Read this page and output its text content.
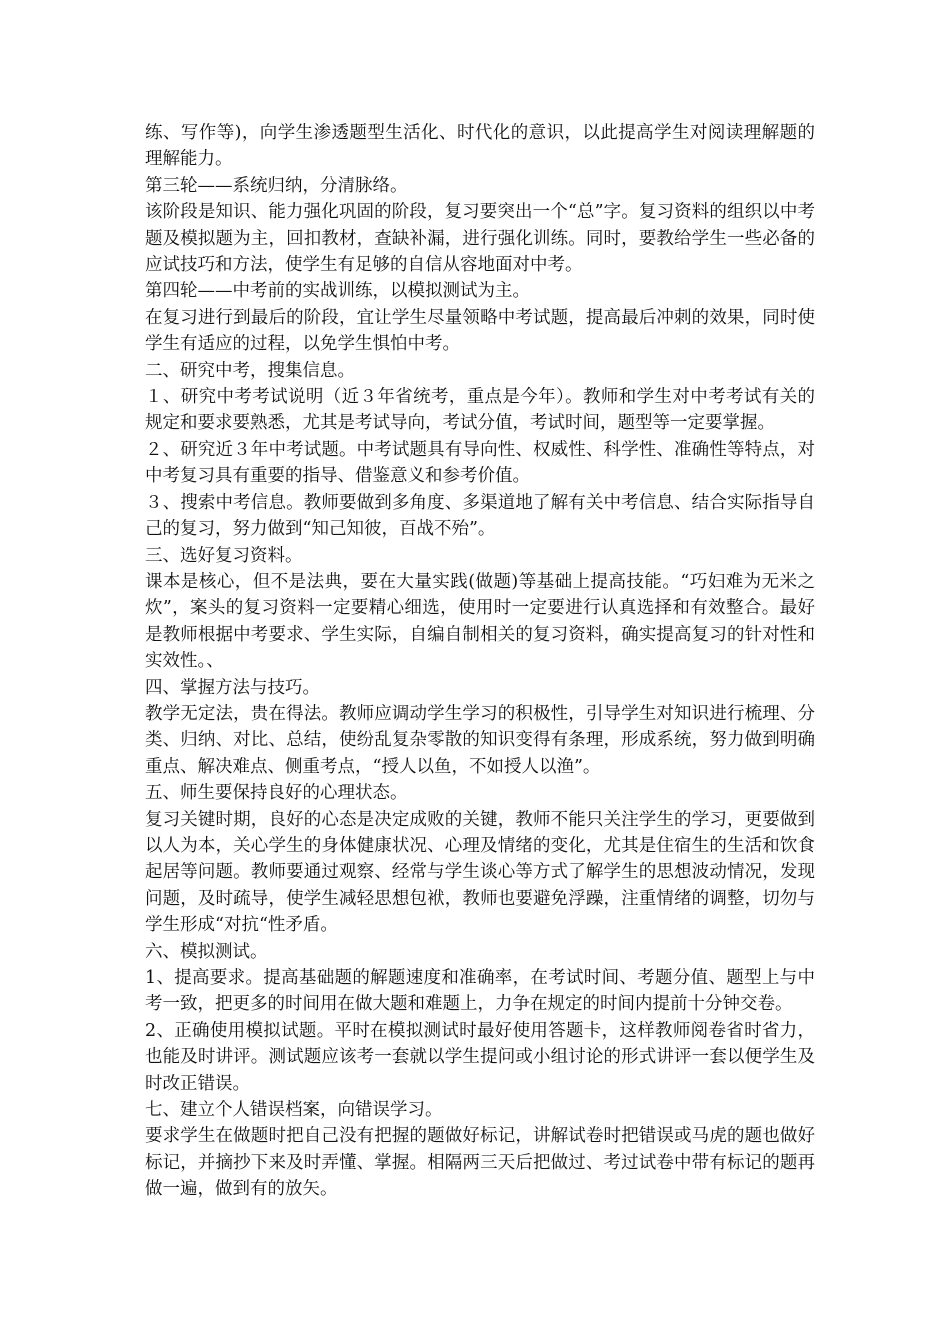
练、写作等)，向学生渗透题型生活化、时代化的意识，以此提高学生对阅读理解题的理解能力。

第三轮——系统归纳，分清脉络。

该阶段是知识、能力强化巩固的阶段，复习要突出一个“总”字。复习资料的组织以中考题及模拟题为主，回扣教材，查缺补漏，进行强化训练。同时，要教给学生一些必备的应试技巧和方法，使学生有足够的自信从容地面对中考。

第四轮——中考前的实战训练，以模拟测试为主。

在复习进行到最后的阶段，宜让学生尽量领略中考试题，提高最后冲刺的效果，同时使学生有适应的过程，以免学生惧怕中考。

二、研究中考，搜集信息。

１、研究中考考试说明（近３年省统考，重点是今年）。教师和学生对中考考试有关的规定和要求要熟悉，尤其是考试导向，考试分值，考试时间，题型等一定要掌握。

２、研究近３年中考试题。中考试题具有导向性、权威性、科学性、准确性等特点，对中考复习具有重要的指导、借鉴意义和参考价值。

３、搜索中考信息。教师要做到多角度、多渠道地了解有关中考信息、结合实际指导自己的复习，努力做到“知己知彼，百战不殆”。

三、选好复习资料。

课本是核心，但不是法典，要在大量实践(做题)等基础上提高技能。“巧妇难为无米之炊”，案头的复习资料一定要精心细选，使用时一定要进行认真选择和有效整合。最好是教师根据中考要求、学生实际，自编自制相关的复习资料，确实提高复习的针对性和实效性。、

四、掌握方法与技巧。

教学无定法，贵在得法。教师应调动学生学习的积极性，引导学生对知识进行梳理、分类、归纳、对比、总结，使纷乱复杂零散的知识变得有条理，形成系统，努力做到明确重点、解决难点、侧重考点，“授人以鱼，不如授人以渔”。

五、师生要保持良好的心理状态。

复习关键时期，良好的心态是决定成败的关键，教师不能只关注学生的学习，更要做到以人为本，关心学生的身体健康状况、心理及情绪的变化，尤其是住宿生的生活和饮食起居等问题。教师要通过观察、经常与学生谈心等方式了解学生的思想波动情况，发现问题，及时疏导，使学生减轻思想包袱，教师也要避免浮躁，注重情绪的调整，切勿与学生形成“对抗“性矛盾。

六、模拟测试。

1、提高要求。提高基础题的解题速度和准确率，在考试时间、考题分值、题型上与中考一致，把更多的时间用在做大题和难题上，力争在规定的时间内提前十分钟交卷。

2、正确使用模拟试题。平时在模拟测试时最好使用答题卡，这样教师阅卷省时省力，也能及时讲评。测试题应该考一套就以学生提问或小组讨论的形式讲评一套以便学生及时改正错误。

七、建立个人错误档案，向错误学习。

要求学生在做题时把自己没有把握的题做好标记，讲解试卷时把错误或马虎的题也做好标记，并摘抄下来及时弄懂、掌握。相隔两三天后把做过、考过试卷中带有标记的题再做一遍，做到有的放矢。
